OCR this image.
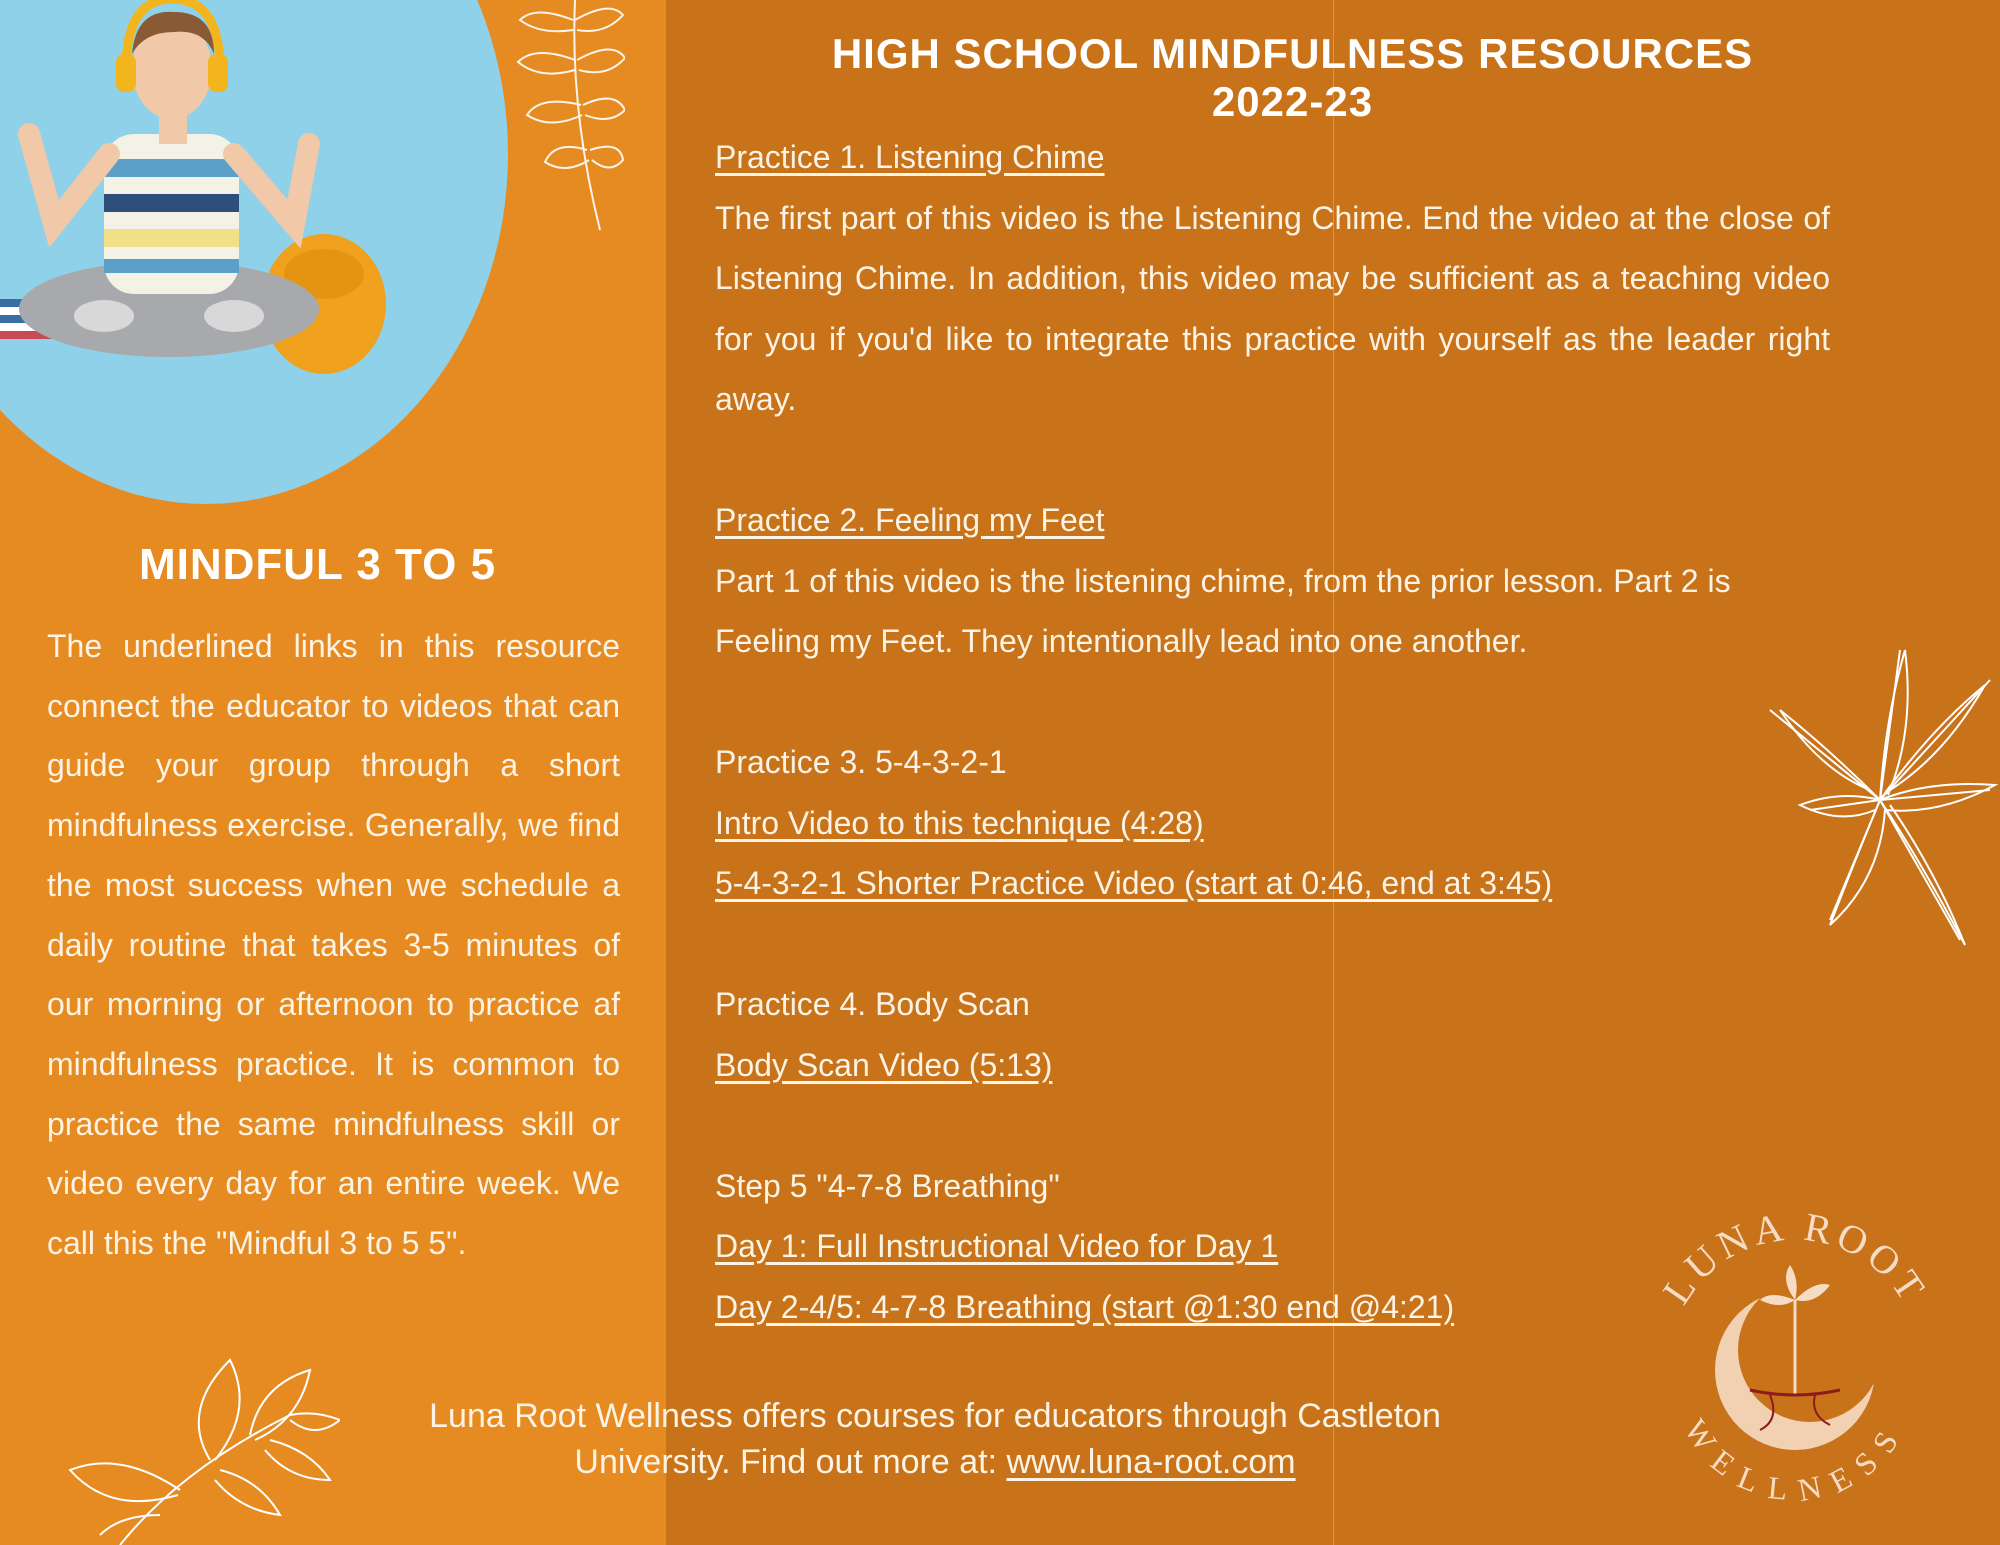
LUNA ROOT
WELLNESS
HIGH SCHOOL MINDFULNESS RESOURCES
2022-23
MINDFUL 3 TO 5
The underlined links in this resource connect the educator to videos that can guide your group through a short mindfulness exercise. Generally, we find the most success when we schedule a daily routine that takes 3-5 minutes of our morning or afternoon to practice af mindfulness practice. It is common to practice the same mindfulness skill or video every day for an entire week. We call this the "Mindful 3 to 5 5".

Practice 1. Listening Chime

The first part of this video is the Listening Chime. End the video at the close of Listening Chime. In addition, this video may be sufficient as a teaching video for you if you'd like to integrate this practice with yourself as the leader right away.

Practice 2. Feeling my Feet

Part 1 of this video is the listening chime, from the prior lesson. Part 2 is Feeling my Feet. They intentionally lead into one another.

Practice 3. 5-4-3-2-1

Intro Video to this technique (4:28)

5-4-3-2-1 Shorter Practice Video (start at 0:46, end at 3:45)

Practice 4. Body Scan

Body Scan Video (5:13)

Step 5 "4-7-8 Breathing"

Day 1: Full Instructional Video for Day 1

Day 2-4/5: 4-7-8 Breathing (start @1:30 end @4:21)

Luna Root Wellness offers courses for educators through Castleton
University. Find out more at: www.luna-root.com
